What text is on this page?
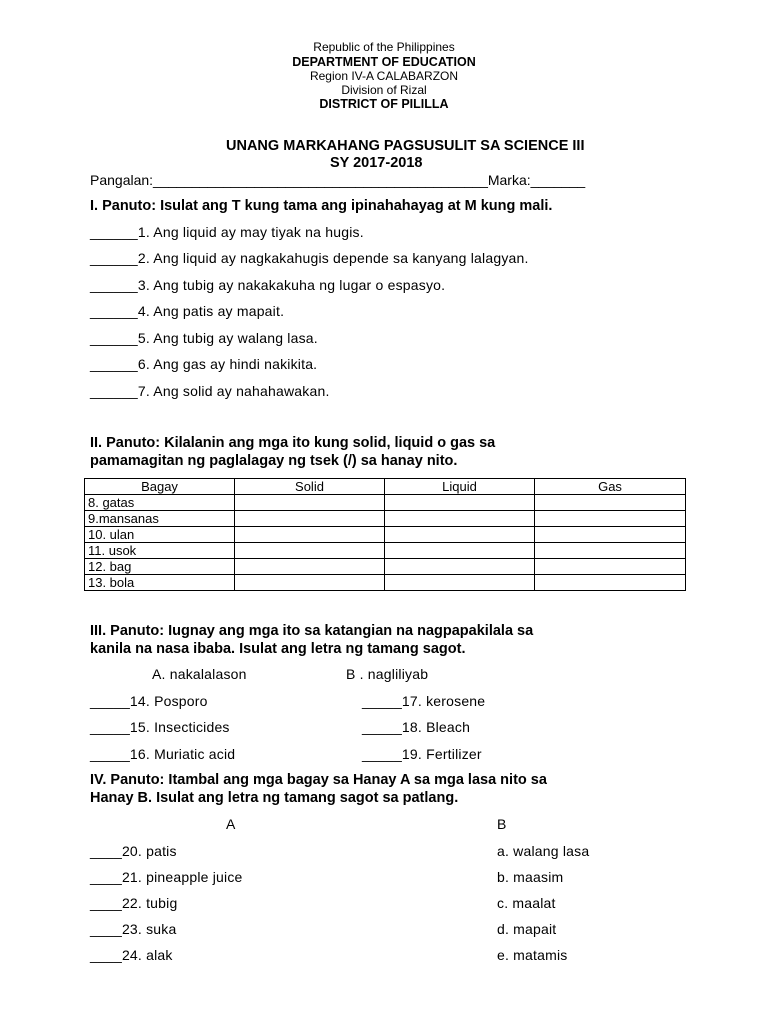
Republic of the Philippines
DEPARTMENT OF EDUCATION
Region IV-A CALABARZON
Division of Rizal
DISTRICT OF PILILLA
UNANG MARKAHANG PAGSUSULIT SA SCIENCE III
SY 2017-2018
Pangalan:___________________________________________Marka:_______
I. Panuto: Isulat ang T kung tama ang ipinahahayag at M kung mali.
______1. Ang liquid ay may tiyak na hugis.
______2. Ang liquid ay nagkakahugis depende sa kanyang lalagyan.
______3. Ang tubig ay nakakakuha ng lugar o espasyo.
______4. Ang patis ay mapait.
______5. Ang tubig ay walang lasa.
______6. Ang gas ay hindi nakikita.
______7. Ang solid ay nahahawakan.
II. Panuto: Kilalanin ang mga ito kung solid, liquid o gas sa
pamamagitan ng paglalagay ng tsek (/) sa hanay nito.
Bagay	Solid	Liquid	Gas
8. gatas			
9.mansanas			
10. ulan			
11. usok			
12. bag			
13. bola			
III. Panuto: Iugnay ang mga ito sa katangian na nagpapakilala sa
kanila na nasa ibaba. Isulat ang letra ng tamang sagot.
A. nakalalason	B . nagliliyab
_____14. Posporo
_____15. Insecticides
_____16. Muriatic acid
_____17. kerosene
_____18. Bleach
_____19. Fertilizer
IV. Panuto: Itambal ang mga bagay sa Hanay A sa mga lasa nito sa
Hanay B. Isulat ang letra ng tamang sagot sa patlang.
A	B
____20. patis
____21. pineapple juice
____22. tubig
____23. suka
____24. alak
a. walang lasa
b. maasim
c. maalat
d. mapait
e. matamis
